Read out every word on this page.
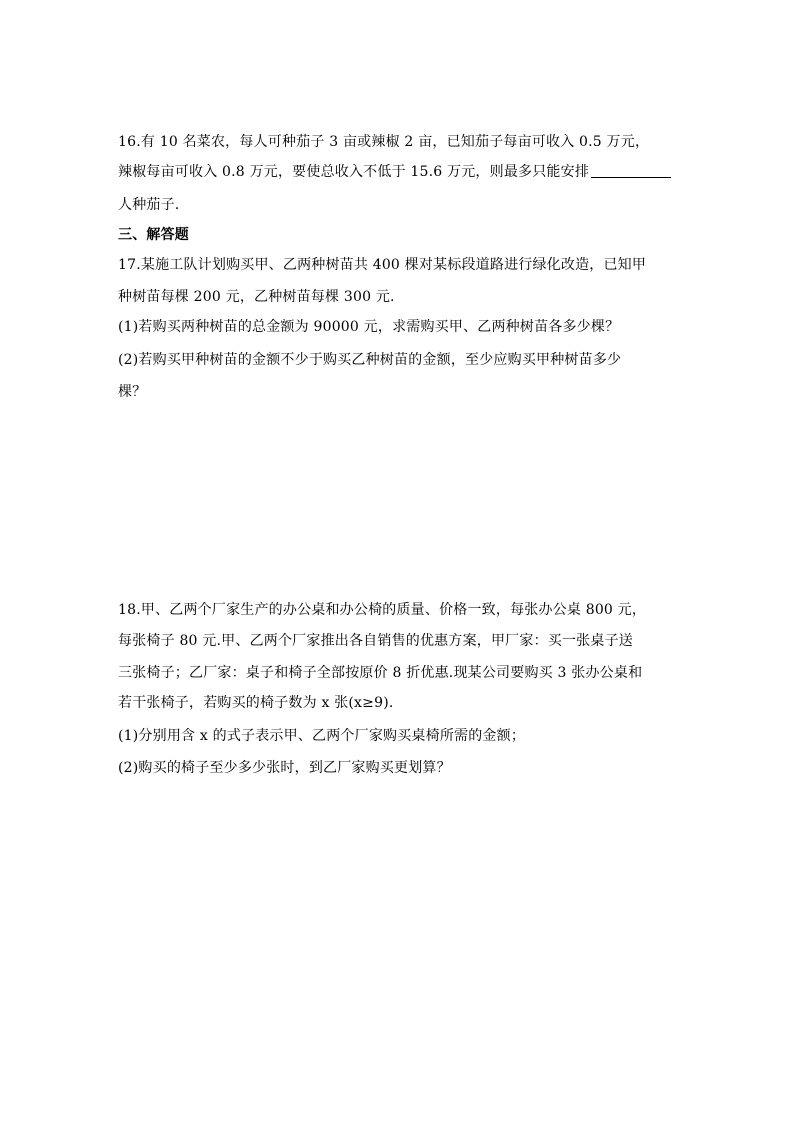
16.有 10 名菜农，每人可种茄子 3 亩或辣椒 2 亩，已知茄子每亩可收入 0.5 万元，
辣椒每亩可收入 0.8 万元，要使总收入不低于 15.6 万元，则最多只能安排
人种茄子.
三、解答题
17.某施工队计划购买甲、乙两种树苗共 400 棵对某标段道路进行绿化改造，已知甲
种树苗每棵 200 元，乙种树苗每棵 300 元.
(1)若购买两种树苗的总金额为 90000 元，求需购买甲、乙两种树苗各多少棵？
(2)若购买甲种树苗的金额不少于购买乙种树苗的金额，至少应购买甲种树苗多少
棵？
18.甲、乙两个厂家生产的办公桌和办公椅的质量、价格一致，每张办公桌 800 元，
每张椅子 80 元.甲、乙两个厂家推出各自销售的优惠方案，甲厂家：买一张桌子送
三张椅子；乙厂家：桌子和椅子全部按原价 8 折优惠.现某公司要购买 3 张办公桌和
若干张椅子，若购买的椅子数为 x 张(x≥9).
(1)分别用含 x 的式子表示甲、乙两个厂家购买桌椅所需的金额；
(2)购买的椅子至少多少张时，到乙厂家购买更划算？
